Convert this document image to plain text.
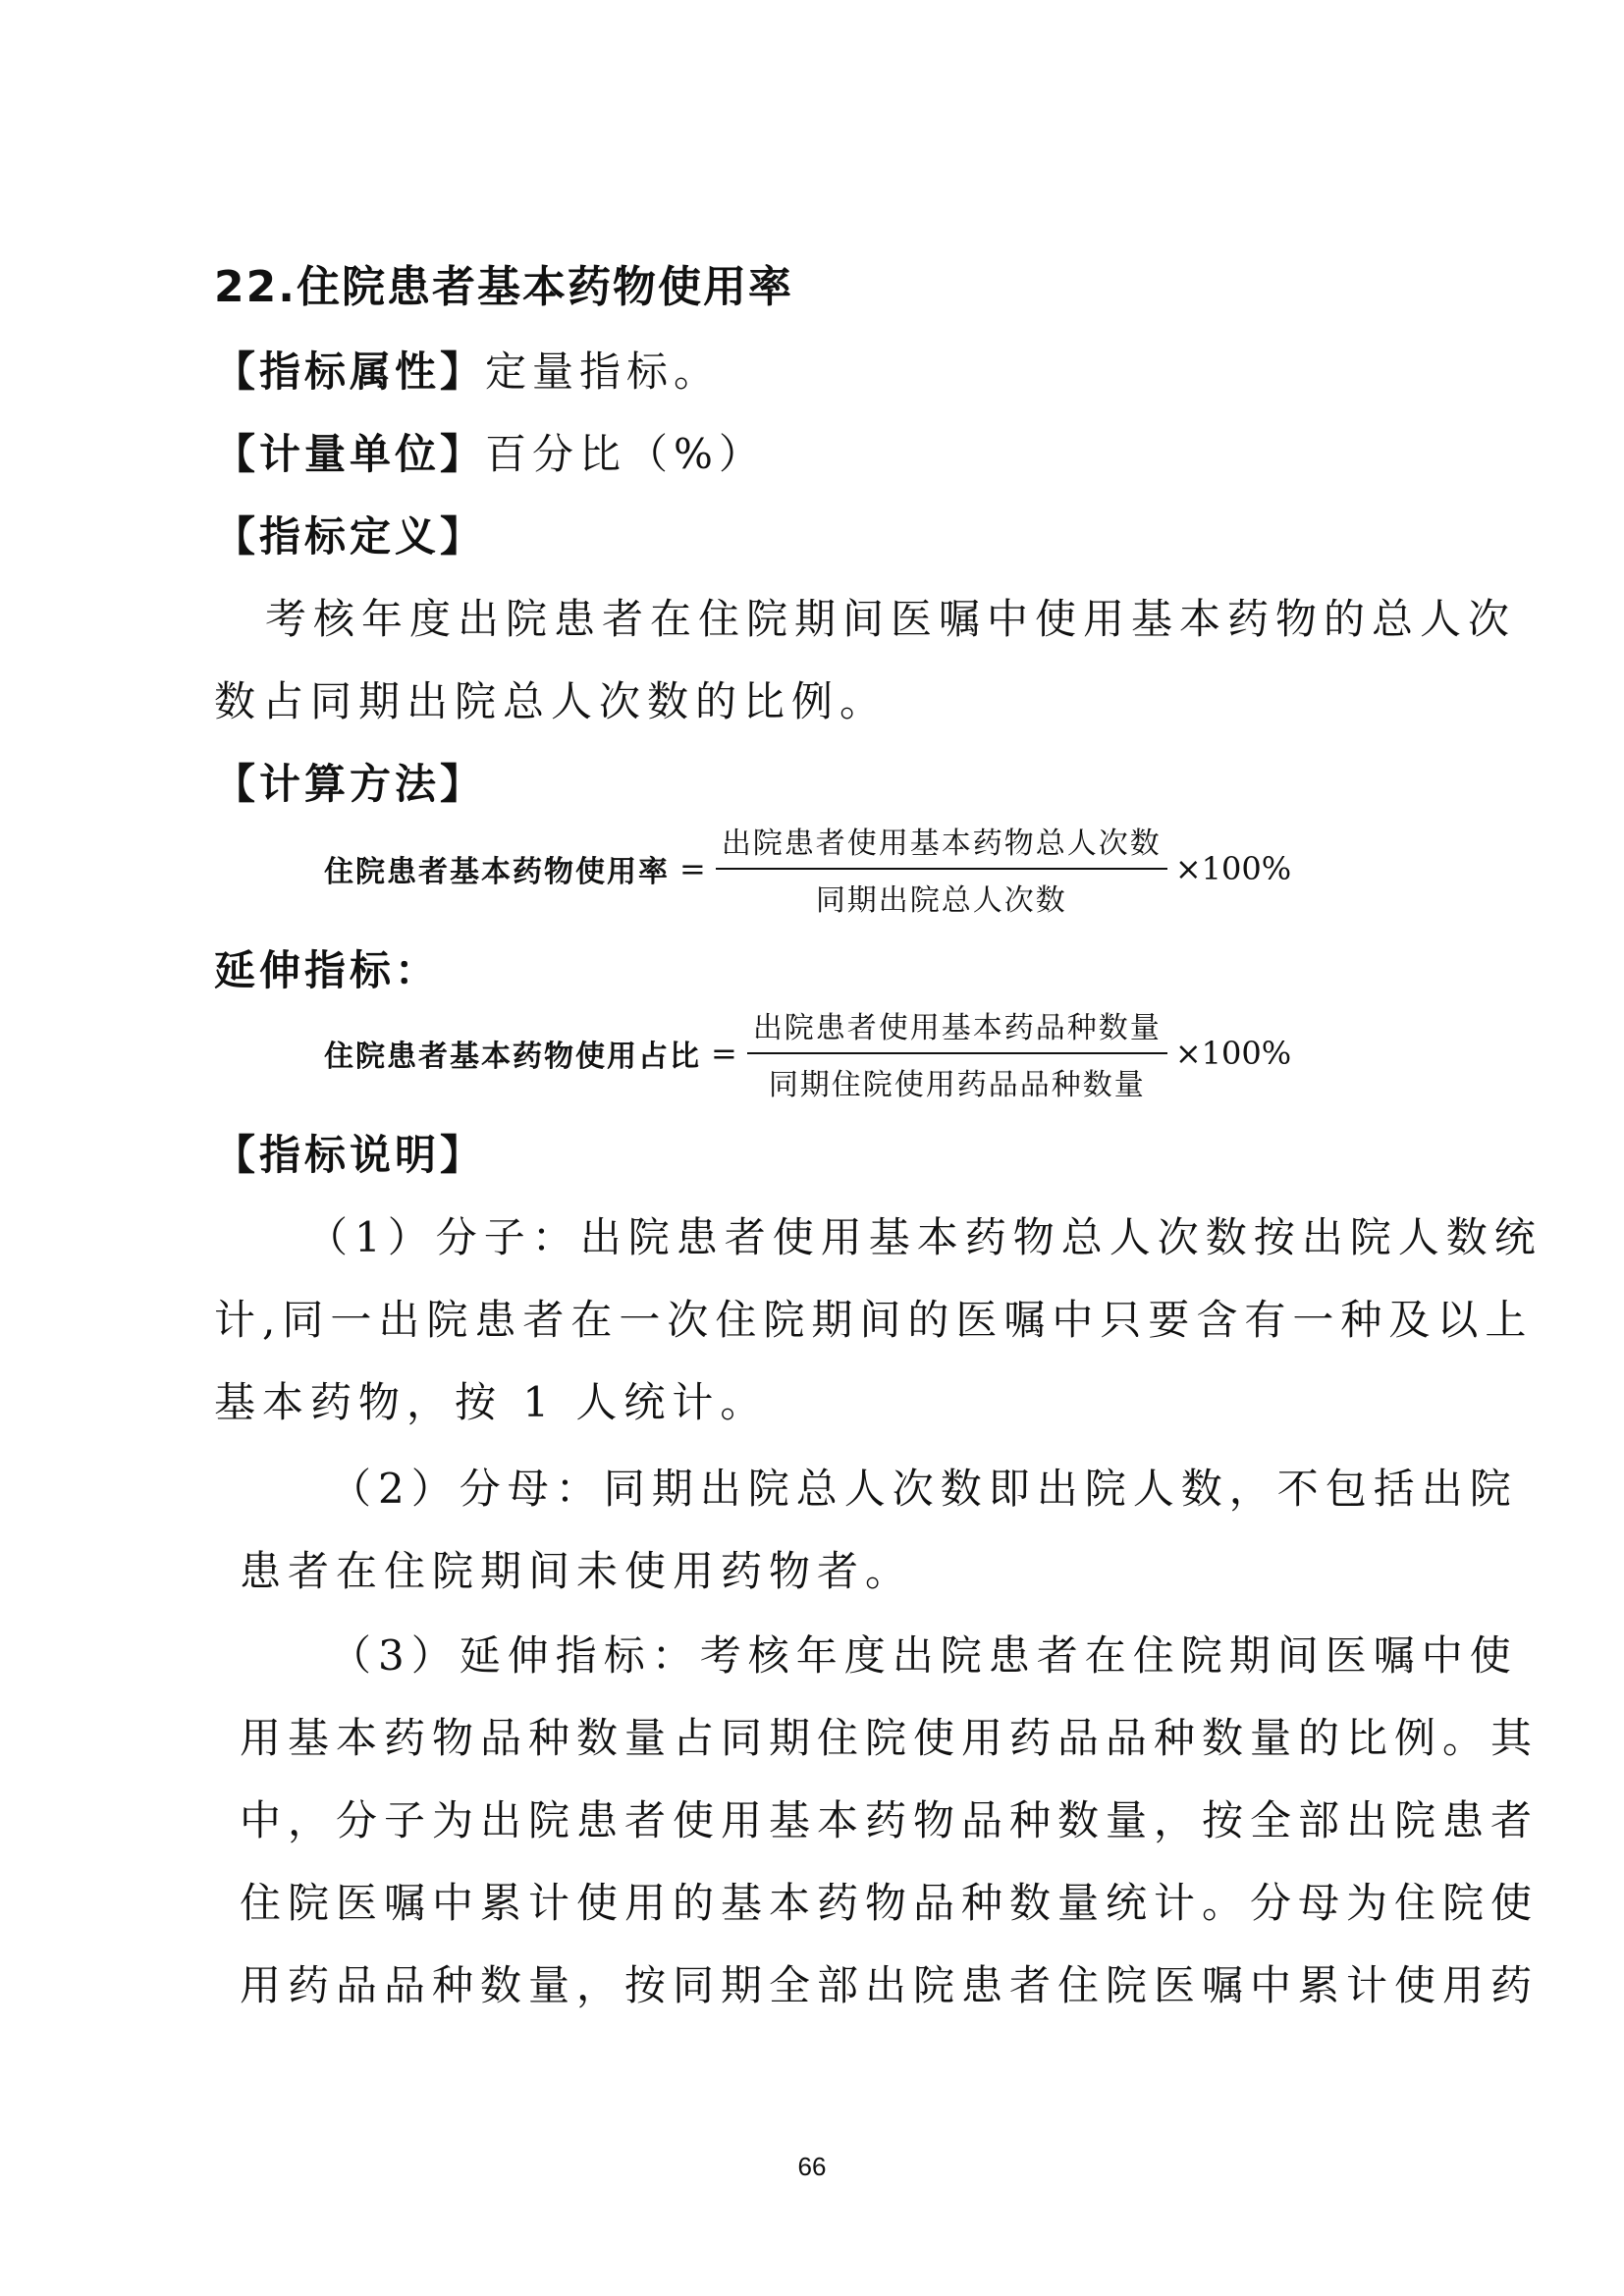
22.住院患者基本药物使用率
【指标属性】定量指标。
【计量单位】百分比（%）
【指标定义】
考核年度出院患者在住院期间医嘱中使用基本药物的总人次
数占同期出院总人次数的比例。
【计算方法】
住院患者基本药物使用率 = $\frac{\text{出院患者使用基本药物总人次数}}{\text{同期出院总人次数}} \times 100\%$
延伸指标：
住院患者基本药物使用占比 = $\frac{\text{出院患者使用基本药品种数量}}{\text{同期住院使用药品品种数量}} \times 100\%$
【指标说明】
（1）分子：出院患者使用基本药物总人次数按出院人数统
计,同一出院患者在一次住院期间的医嘱中只要含有一种及以上
基本药物，按 1 人统计。
（2）分母：同期出院总人次数即出院人数，不包括出院
患者在住院期间未使用药物者。
（3）延伸指标：考核年度出院患者在住院期间医嘱中使
用基本药物品种数量占同期住院使用药品品种数量的比例。其
中，分子为出院患者使用基本药物品种数量，按全部出院患者
住院医嘱中累计使用的基本药物品种数量统计。分母为住院使
用药品品种数量，按同期全部出院患者住院医嘱中累计使用药
66
